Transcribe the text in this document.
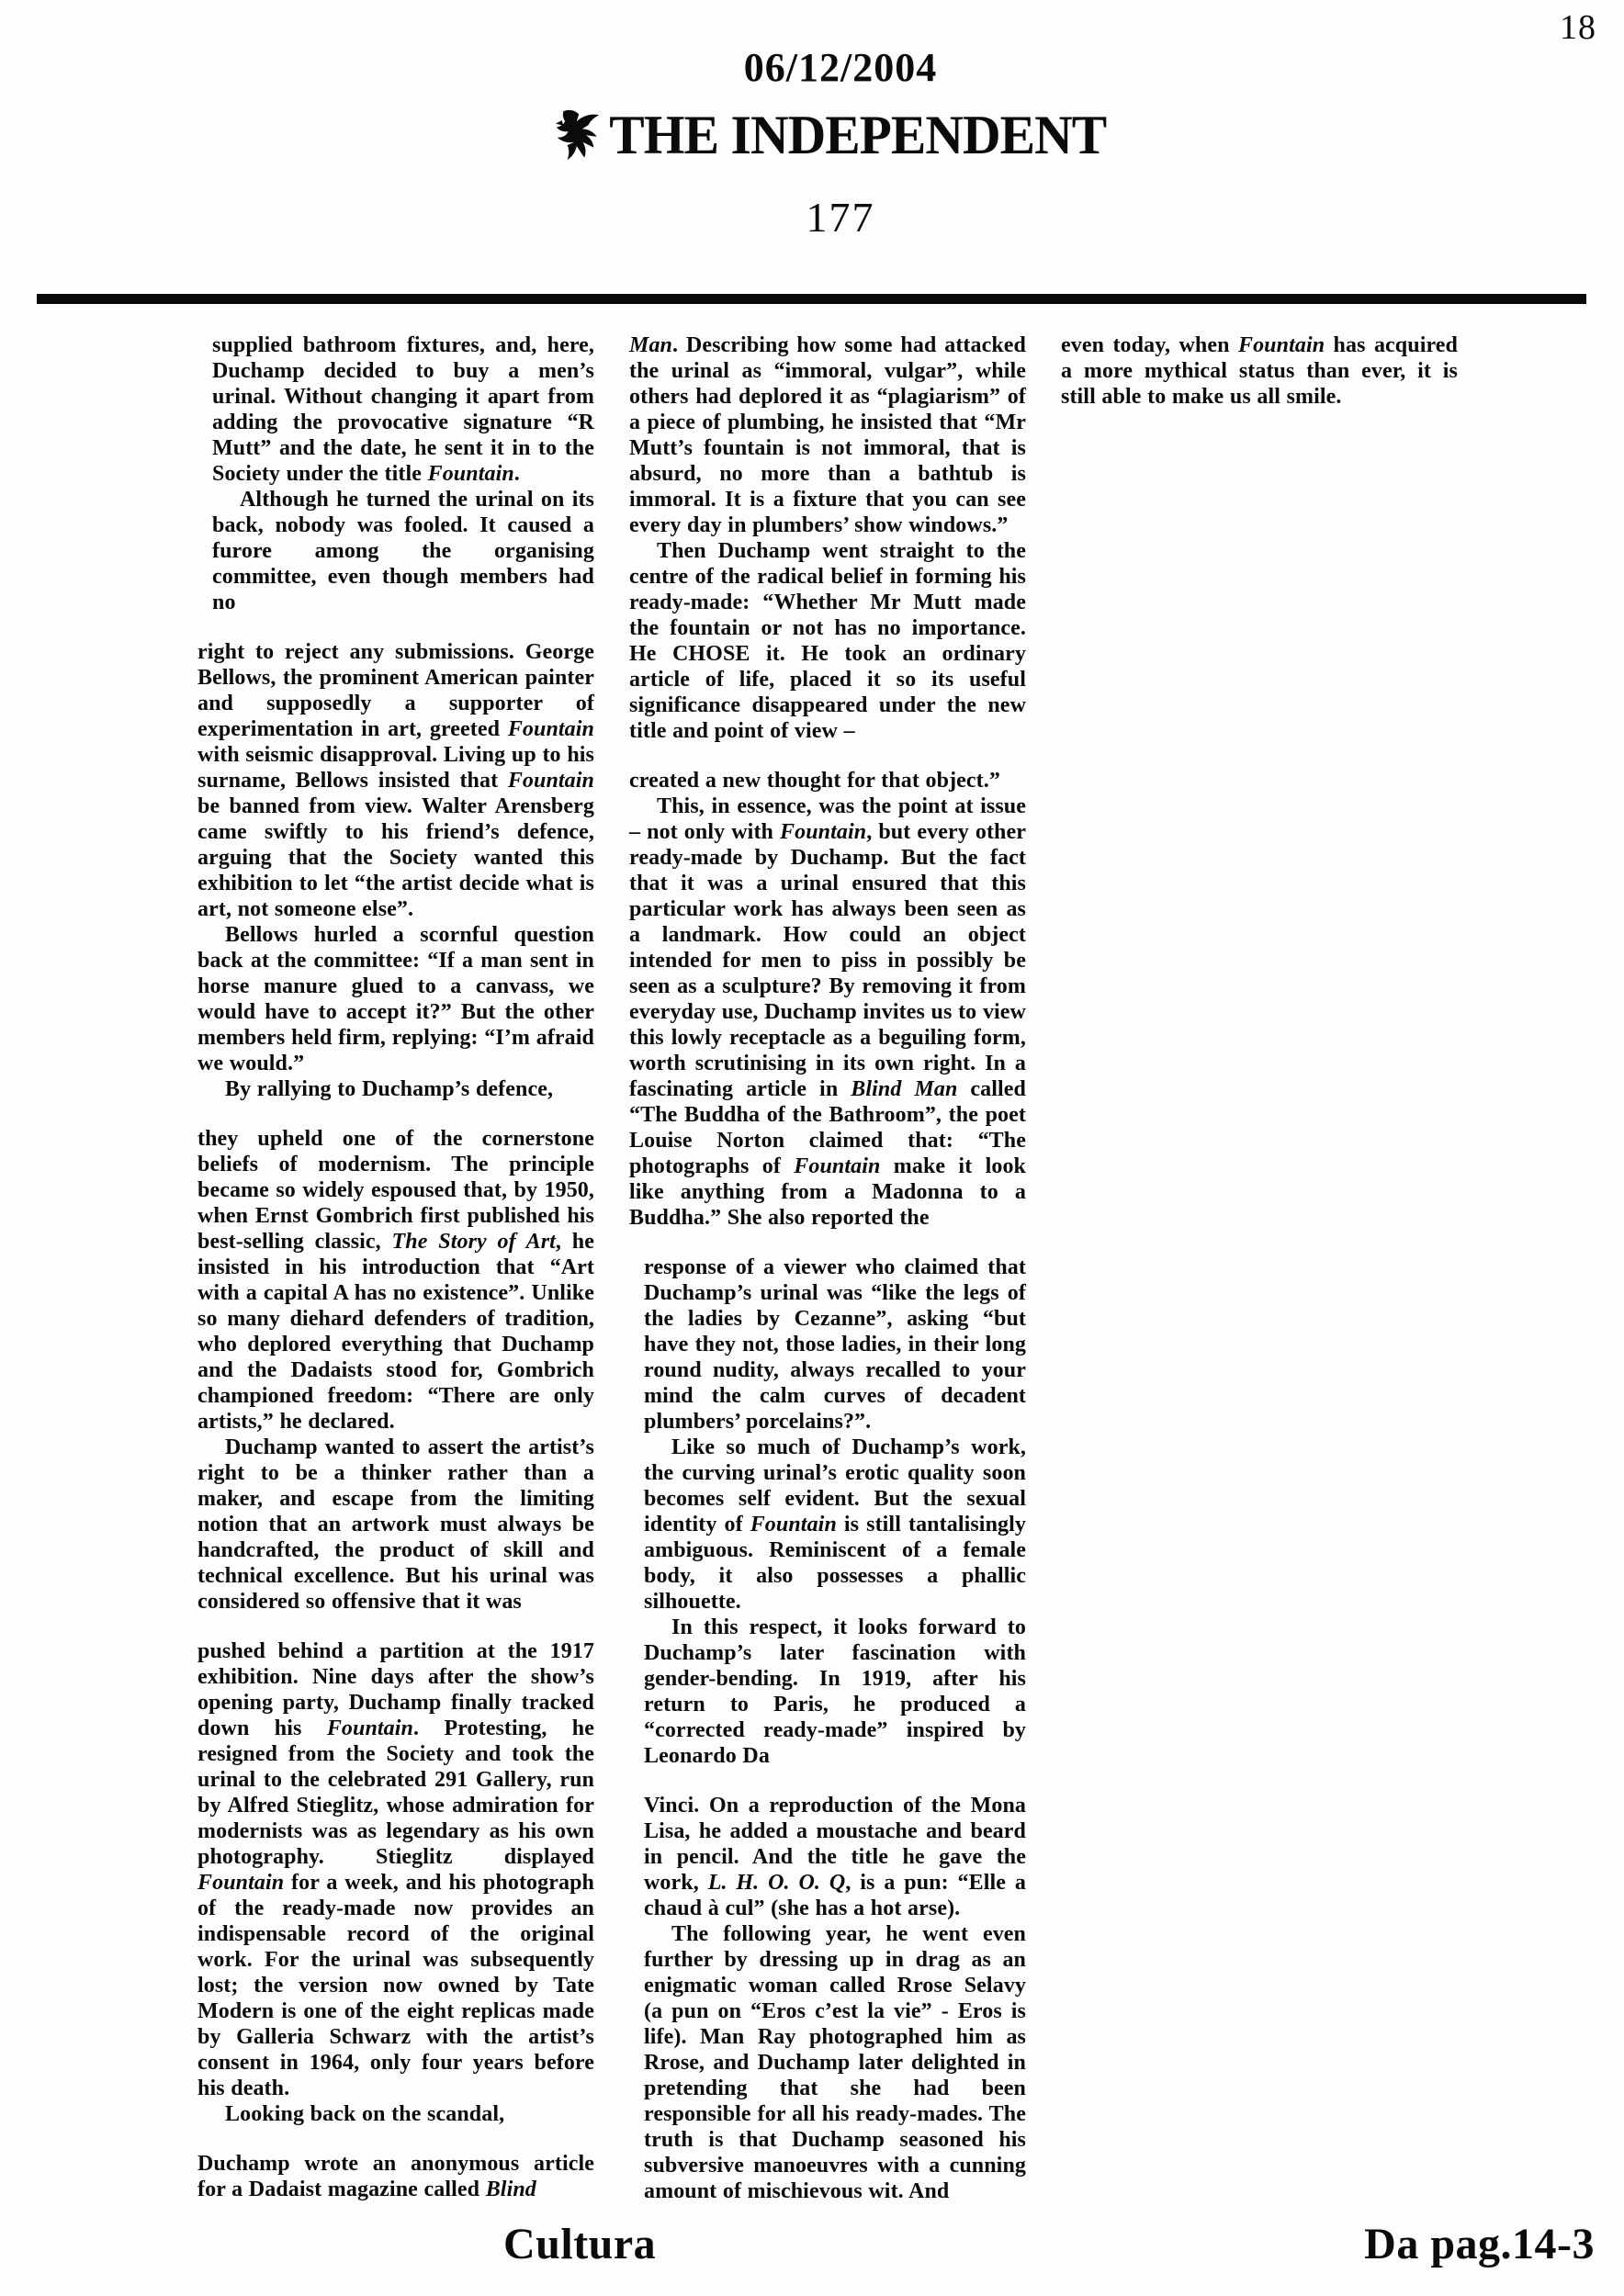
18
06/12/2004
THE INDEPENDENT
177

supplied bathroom fixtures, and, here, Duchamp decided to buy a men’s urinal. Without changing it apart from adding the provocative signature “R Mutt” and the date, he sent it in to the Society under the title Fountain.

Although he turned the urinal on its back, nobody was fooled. It caused a furore among the organising committee, even though members had no

right to reject any submissions. George Bellows, the prominent American painter and supposedly a supporter of experimentation in art, greeted Fountain with seismic disapproval. Living up to his surname, Bellows insisted that Fountain be banned from view. Walter Arensberg came swiftly to his friend’s defence, arguing that the Society wanted this exhibition to let “the artist decide what is art, not someone else”.

Bellows hurled a scornful question back at the committee: “If a man sent in horse manure glued to a canvass, we would have to accept it?” But the other members held firm, replying: “I’m afraid we would.”

By rallying to Duchamp’s defence,

they upheld one of the cornerstone beliefs of modernism. The principle became so widely espoused that, by 1950, when Ernst Gombrich first published his best-selling classic, The Story of Art, he insisted in his introduction that “Art with a capital A has no existence”. Unlike so many diehard defenders of tradition, who deplored everything that Duchamp and the Dadaists stood for, Gombrich championed freedom: “There are only artists,” he declared.

Duchamp wanted to assert the artist’s right to be a thinker rather than a maker, and escape from the limiting notion that an artwork must always be handcrafted, the product of skill and technical excellence. But his urinal was considered so offensive that it was

pushed behind a partition at the 1917 exhibition. Nine days after the show’s opening party, Duchamp finally tracked down his Fountain. Protesting, he resigned from the Society and took the urinal to the celebrated 291 Gallery, run by Alfred Stieglitz, whose admiration for modernists was as legendary as his own photography. Stieglitz displayed Fountain for a week, and his photograph of the ready-made now provides an indispensable record of the original work. For the urinal was subsequently lost; the version now owned by Tate Modern is one of the eight replicas made by Galleria Schwarz with the artist’s consent in 1964, only four years before his death.

Looking back on the scandal,

Duchamp wrote an anonymous article for a Dadaist magazine called Blind

Man. Describing how some had attacked the urinal as “immoral, vulgar”, while others had deplored it as “plagiarism” of a piece of plumbing, he insisted that “Mr Mutt’s fountain is not immoral, that is absurd, no more than a bathtub is immoral. It is a fixture that you can see every day in plumbers’ show windows.”

Then Duchamp went straight to the centre of the radical belief in forming his ready-made: “Whether Mr Mutt made the fountain or not has no importance. He CHOSE it. He took an ordinary article of life, placed it so its useful significance disappeared under the new title and point of view –

created a new thought for that object.”

This, in essence, was the point at issue – not only with Fountain, but every other ready-made by Duchamp. But the fact that it was a urinal ensured that this particular work has always been seen as a landmark. How could an object intended for men to piss in possibly be seen as a sculpture? By removing it from everyday use, Duchamp invites us to view this lowly receptacle as a beguiling form, worth scrutinising in its own right. In a fascinating article in Blind Man called “The Buddha of the Bathroom”, the poet Louise Norton claimed that: “The photographs of Fountain make it look like anything from a Madonna to a Buddha.” She also reported the

response of a viewer who claimed that Duchamp’s urinal was “like the legs of the ladies by Cezanne”, asking “but have they not, those ladies, in their long round nudity, always recalled to your mind the calm curves of decadent plumbers’ porcelains?”.

Like so much of Duchamp’s work, the curving urinal’s erotic quality soon becomes self evident. But the sexual identity of Fountain is still tantalisingly ambiguous. Reminiscent of a female body, it also possesses a phallic silhouette.

In this respect, it looks forward to Duchamp’s later fascination with gender-bending. In 1919, after his return to Paris, he produced a “corrected ready-made” inspired by Leonardo Da

Vinci. On a reproduction of the Mona Lisa, he added a moustache and beard in pencil. And the title he gave the work, L. H. O. O. Q, is a pun: “Elle a chaud à cul” (she has a hot arse).

The following year, he went even further by dressing up in drag as an enigmatic woman called Rrose Selavy (a pun on “Eros c’est la vie” - Eros is life). Man Ray photographed him as Rrose, and Duchamp later delighted in pretending that she had been responsible for all his ready-mades. The truth is that Duchamp seasoned his subversive manoeuvres with a cunning amount of mischievous wit. And

even today, when Fountain has acquired a more mythical status than ever, it is still able to make us all smile.

Cultura	Da pag.14-3
